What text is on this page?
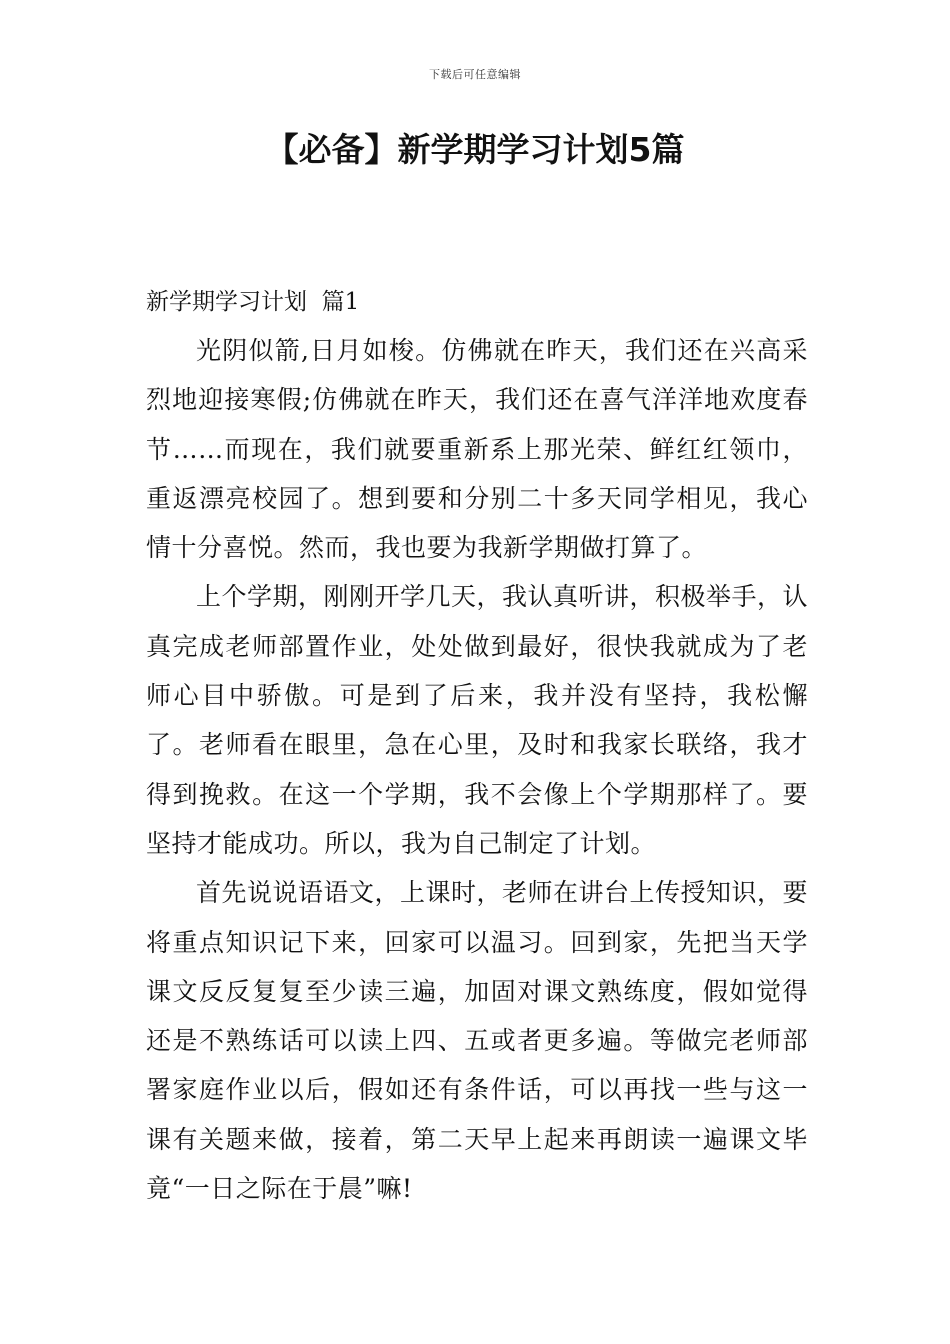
下载后可任意编辑
【必备】新学期学习计划5篇
新学期学习计划  篇1

光阴似箭,日月如梭。仿佛就在昨天，我们还在兴高采烈地迎接寒假;仿佛就在昨天，我们还在喜气洋洋地欢度春节……而现在，我们就要重新系上那光荣、鲜红红领巾，重返漂亮校园了。想到要和分别二十多天同学相见，我心情十分喜悦。然而，我也要为我新学期做打算了。

上个学期，刚刚开学几天，我认真听讲，积极举手，认真完成老师部置作业，处处做到最好，很快我就成为了老师心目中骄傲。可是到了后来，我并没有坚持，我松懈了。老师看在眼里，急在心里，及时和我家长联络，我才得到挽救。在这一个学期，我不会像上个学期那样了。要坚持才能成功。所以，我为自己制定了计划。

首先说说语语文，上课时，老师在讲台上传授知识，要将重点知识记下来，回家可以温习。回到家，先把当天学课文反反复复至少读三遍，加固对课文熟练度，假如觉得还是不熟练话可以读上四、五或者更多遍。等做完老师部署家庭作业以后，假如还有条件话，可以再找一些与这一课有关题来做，接着，第二天早上起来再朗读一遍课文毕竟“一日之际在于晨”嘛!
